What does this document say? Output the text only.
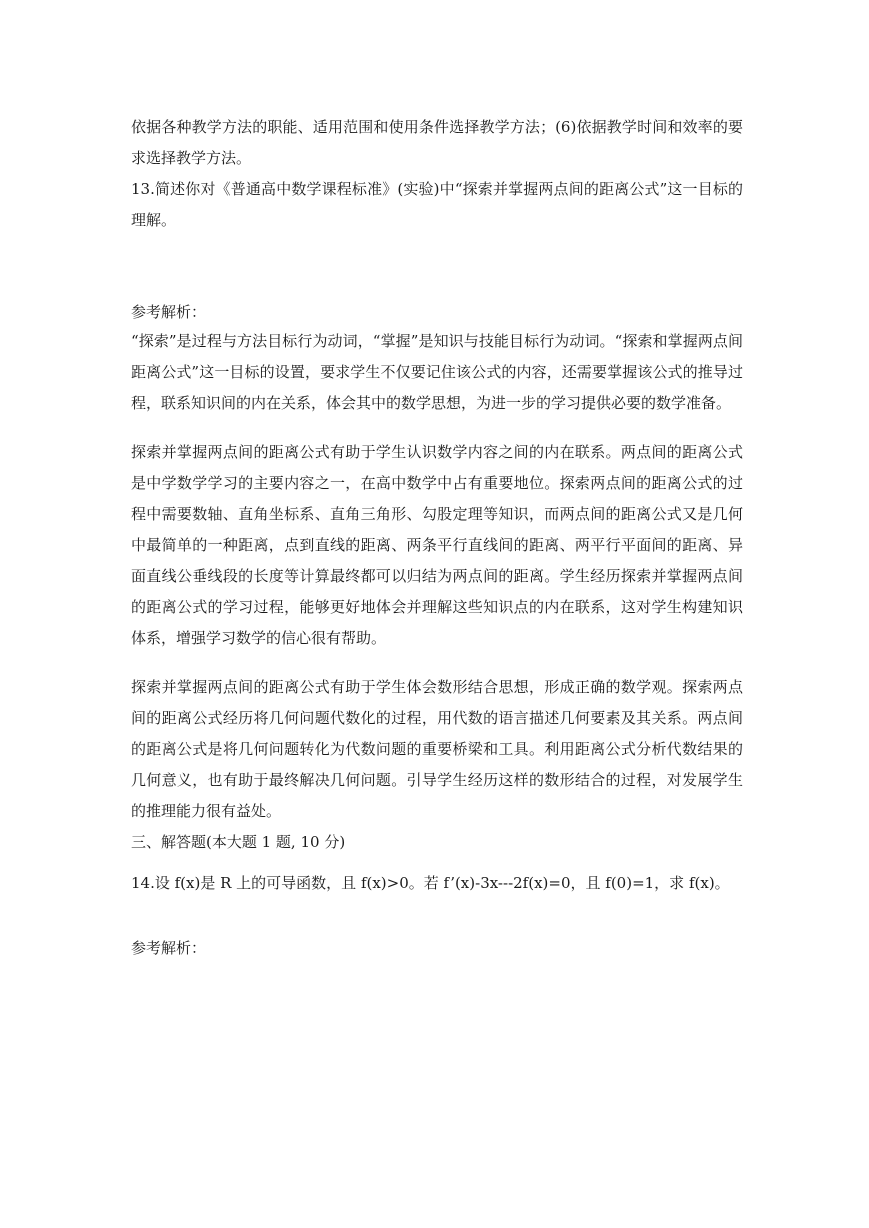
依据各种教学方法的职能、适用范围和使用条件选择教学方法；(6)依据教学时间和效率的要求选择教学方法。

13.简述你对《普通高中数学课程标准》(实验)中“探索并掌握两点间的距离公式”这一目标的理解。

参考解析：

“探索”是过程与方法目标行为动词，“掌握”是知识与技能目标行为动词。“探索和掌握两点间距离公式”这一目标的设置，要求学生不仅要记住该公式的内容，还需要掌握该公式的推导过程，联系知识间的内在关系，体会其中的数学思想，为进一步的学习提供必要的数学准备。

探索并掌握两点间的距离公式有助于学生认识数学内容之间的内在联系。两点间的距离公式是中学数学学习的主要内容之一，在高中数学中占有重要地位。探索两点间的距离公式的过程中需要数轴、直角坐标系、直角三角形、勾股定理等知识，而两点间的距离公式又是几何中最简单的一种距离，点到直线的距离、两条平行直线间的距离、两平行平面间的距离、异面直线公垂线段的长度等计算最终都可以归结为两点间的距离。学生经历探索并掌握两点间的距离公式的学习过程，能够更好地体会并理解这些知识点的内在联系，这对学生构建知识体系，增强学习数学的信心很有帮助。

探索并掌握两点间的距离公式有助于学生体会数形结合思想，形成正确的数学观。探索两点间的距离公式经历将几何问题代数化的过程，用代数的语言描述几何要素及其关系。两点间的距离公式是将几何问题转化为代数问题的重要桥梁和工具。利用距离公式分析代数结果的几何意义，也有助于最终解决几何问题。引导学生经历这样的数形结合的过程，对发展学生的推理能力很有益处。

三、解答题(本大题 1 题, 10 分)

14.设 f(x)是 R 上的可导函数，且 f(x)>0。若 f’(x)-3x---2f(x)=0，且 f(0)=1，求 f(x)。

参考解析：
